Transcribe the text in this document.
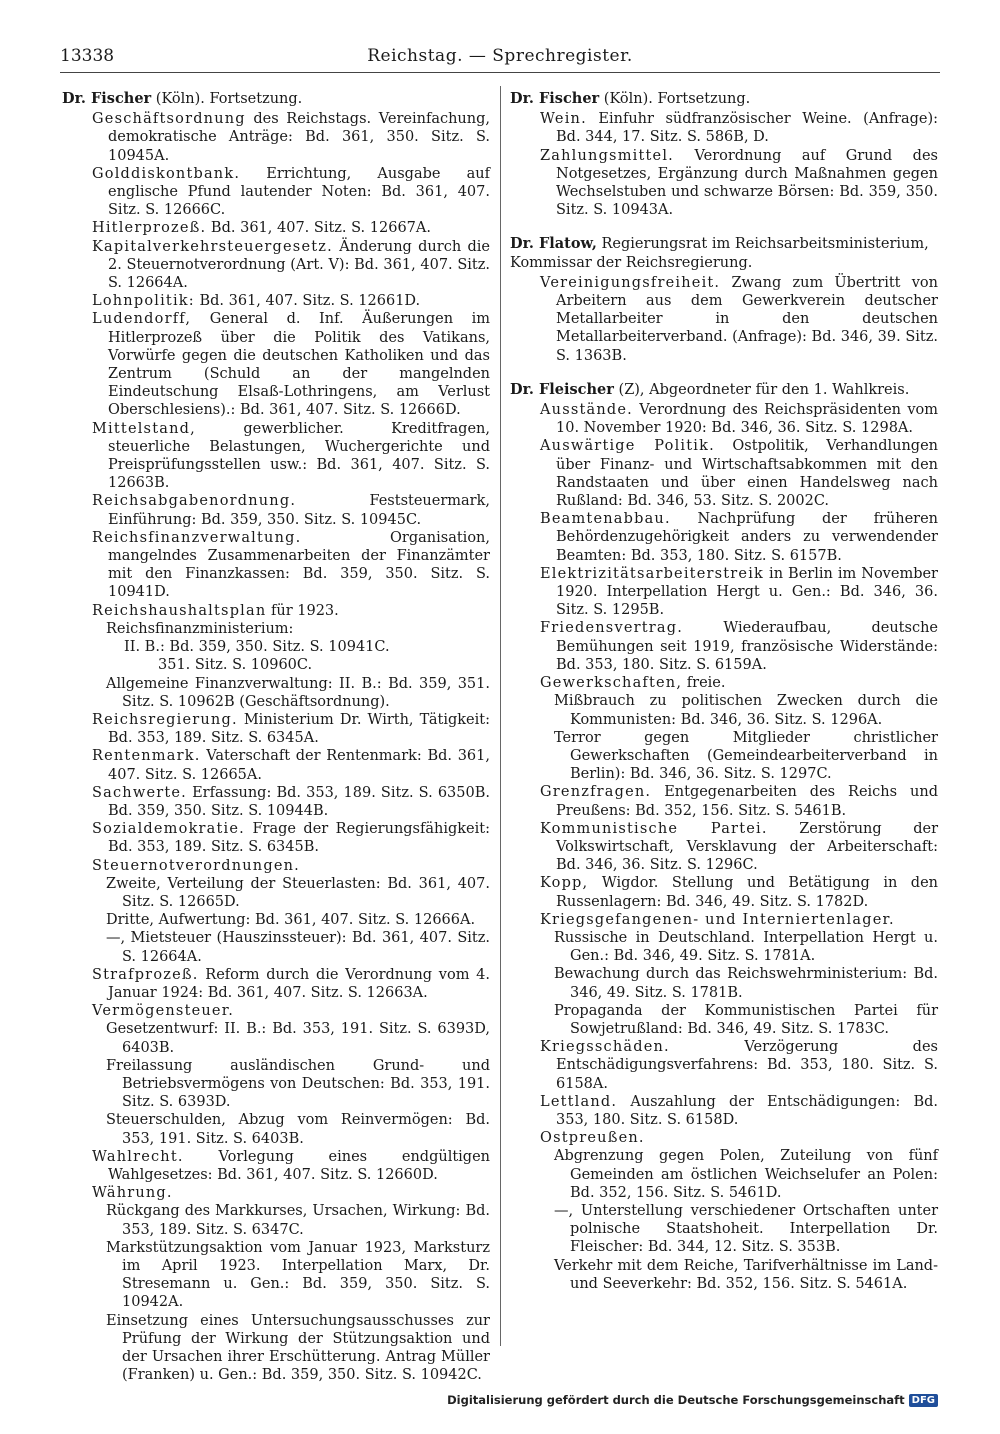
13338	Reichstag. — Sprechregister.
Dr. Fischer (Köln). Fortsetzung.
Geschäftsordnung des Reichstags. Vereinfachung, demokratische Anträge: Bd. 361, 350. Sitz. S. 10945A.
Golddiskontbank. Errichtung, Ausgabe auf englische Pfund lautender Noten: Bd. 361, 407. Sitz. S. 12666C.
Hitlerprozeß. Bd. 361, 407. Sitz. S. 12667A.
Kapitalverkehrsteuergesetz. Änderung durch die 2. Steuernotverordnung (Art. V): Bd. 361, 407. Sitz. S. 12664A.
Lohnpolitik: Bd. 361, 407. Sitz. S. 12661D.
Ludendorff, General d. Inf. Äußerungen im Hitlerprozeß über die Politik des Vatikans, Vorwürfe gegen die deutschen Katholiken und das Zentrum (Schuld an der mangelnden Eindeutschung Elsaß-Lothringens, am Verlust Oberschlesiens).: Bd. 361, 407. Sitz. S. 12666D.
Mittelstand, gewerblicher. Kreditfragen, steuerliche Belastungen, Wuchergerichte und Preisprüfungsstellen usw.: Bd. 361, 407. Sitz. S. 12663B.
Reichsabgabenordnung. Feststeuermark, Einführung: Bd. 359, 350. Sitz. S. 10945C.
Reichsfinanzverwaltung. Organisation, mangelndes Zusammenarbeiten der Finanzämter mit den Finanzkassen: Bd. 359, 350. Sitz. S. 10941D.
Reichshaushaltsplan für 1923.
Reichsfinanzministerium:
II. B.: Bd. 359, 350. Sitz. S. 10941C.
351. Sitz. S. 10960C.
Allgemeine Finanzverwaltung: II. B.: Bd. 359, 351. Sitz. S. 10962B (Geschäftsordnung).
Reichsregierung. Ministerium Dr. Wirth, Tätigkeit: Bd. 353, 189. Sitz. S. 6345A.
Rentenmark. Vaterschaft der Rentenmark: Bd. 361, 407. Sitz. S. 12665A.
Sachwerte. Erfassung: Bd. 353, 189. Sitz. S. 6350B. Bd. 359, 350. Sitz. S. 10944B.
Sozialdemokratie. Frage der Regierungsfähigkeit: Bd. 353, 189. Sitz. S. 6345B.
Steuernotverordnungen.
Zweite, Verteilung der Steuerlasten: Bd. 361, 407. Sitz. S. 12665D.
Dritte, Aufwertung: Bd. 361, 407. Sitz. S. 12666A.
—, Mietsteuer (Hauszinssteuer): Bd. 361, 407. Sitz. S. 12664A.
Strafprozeß. Reform durch die Verordnung vom 4. Januar 1924: Bd. 361, 407. Sitz. S. 12663A.
Vermögensteuer.
Gesetzentwurf: II. B.: Bd. 353, 191. Sitz. S. 6393D, 6403B.
Freilassung ausländischen Grund- und Betriebsvermögens von Deutschen: Bd. 353, 191. Sitz. S. 6393D.
Steuerschulden, Abzug vom Reinvermögen: Bd. 353, 191. Sitz. S. 6403B.
Wahlrecht. Vorlegung eines endgültigen Wahlgesetzes: Bd. 361, 407. Sitz. S. 12660D.
Währung.
Rückgang des Markkurses, Ursachen, Wirkung: Bd. 353, 189. Sitz. S. 6347C.
Markstützungsaktion vom Januar 1923, Marksturz im April 1923. Interpellation Marx, Dr. Stresemann u. Gen.: Bd. 359, 350. Sitz. S. 10942A.
Einsetzung eines Untersuchungsausschusses zur Prüfung der Wirkung der Stützungsaktion und der Ursachen ihrer Erschütterung. Antrag Müller (Franken) u. Gen.: Bd. 359, 350. Sitz. S. 10942C.
Dr. Fischer (Köln). Fortsetzung.
Wein. Einfuhr südfranzösischer Weine. (Anfrage): Bd. 344, 17. Sitz. S. 586B, D.
Zahlungsmittel. Verordnung auf Grund des Notgesetzes, Ergänzung durch Maßnahmen gegen Wechselstuben und schwarze Börsen: Bd. 359, 350. Sitz. S. 10943A.
Dr. Flatow, Regierungsrat im Reichsarbeitsministerium, Kommissar der Reichsregierung.
Vereinigungsfreiheit. Zwang zum Übertritt von Arbeitern aus dem Gewerkverein deutscher Metallarbeiter in den deutschen Metallarbeiterverband. (Anfrage): Bd. 346, 39. Sitz. S. 1363B.
Dr. Fleischer (Z), Abgeordneter für den 1. Wahlkreis.
Ausstände. Verordnung des Reichspräsidenten vom 10. November 1920: Bd. 346, 36. Sitz. S. 1298A.
Auswärtige Politik. Ostpolitik, Verhandlungen über Finanz- und Wirtschaftsabkommen mit den Randstaaten und über einen Handelsweg nach Rußland: Bd. 346, 53. Sitz. S. 2002C.
Beamtenabbau. Nachprüfung der früheren Behördenzugehörigkeit anders zu verwendender Beamten: Bd. 353, 180. Sitz. S. 6157B.
Elektrizitätsarbeiterstreik in Berlin im November 1920. Interpellation Hergt u. Gen.: Bd. 346, 36. Sitz. S. 1295B.
Friedensvertrag. Wiederaufbau, deutsche Bemühungen seit 1919, französische Widerstände: Bd. 353, 180. Sitz. S. 6159A.
Gewerkschaften, freie.
Mißbrauch zu politischen Zwecken durch die Kommunisten: Bd. 346, 36. Sitz. S. 1296A.
Terror gegen Mitglieder christlicher Gewerkschaften (Gemeindearbeiterverband in Berlin): Bd. 346, 36. Sitz. S. 1297C.
Grenzfragen. Entgegenarbeiten des Reichs und Preußens: Bd. 352, 156. Sitz. S. 5461B.
Kommunistische Partei. Zerstörung der Volkswirtschaft, Versklavung der Arbeiterschaft: Bd. 346, 36. Sitz. S. 1296C.
Kopp, Wigdor. Stellung und Betätigung in den Russenlagern: Bd. 346, 49. Sitz. S. 1782D.
Kriegsgefangenen- und Interniertenlager.
Russische in Deutschland. Interpellation Hergt u. Gen.: Bd. 346, 49. Sitz. S. 1781A.
Bewachung durch das Reichswehrministerium: Bd. 346, 49. Sitz. S. 1781B.
Propaganda der Kommunistischen Partei für Sowjetrußland: Bd. 346, 49. Sitz. S. 1783C.
Kriegsschäden. Verzögerung des Entschädigungsverfahrens: Bd. 353, 180. Sitz. S. 6158A.
Lettland. Auszahlung der Entschädigungen: Bd. 353, 180. Sitz. S. 6158D.
Ostpreußen.
Abgrenzung gegen Polen, Zuteilung von fünf Gemeinden am östlichen Weichselufer an Polen: Bd. 352, 156. Sitz. S. 5461D.
—, Unterstellung verschiedener Ortschaften unter polnische Staatshoheit. Interpellation Dr. Fleischer: Bd. 344, 12. Sitz. S. 353B.
Verkehr mit dem Reiche, Tarifverhältnisse im Land- und Seeverkehr: Bd. 352, 156. Sitz. S. 5461A.
Digitalisierung gefördert durch die Deutsche Forschungsgemeinschaft DFG
